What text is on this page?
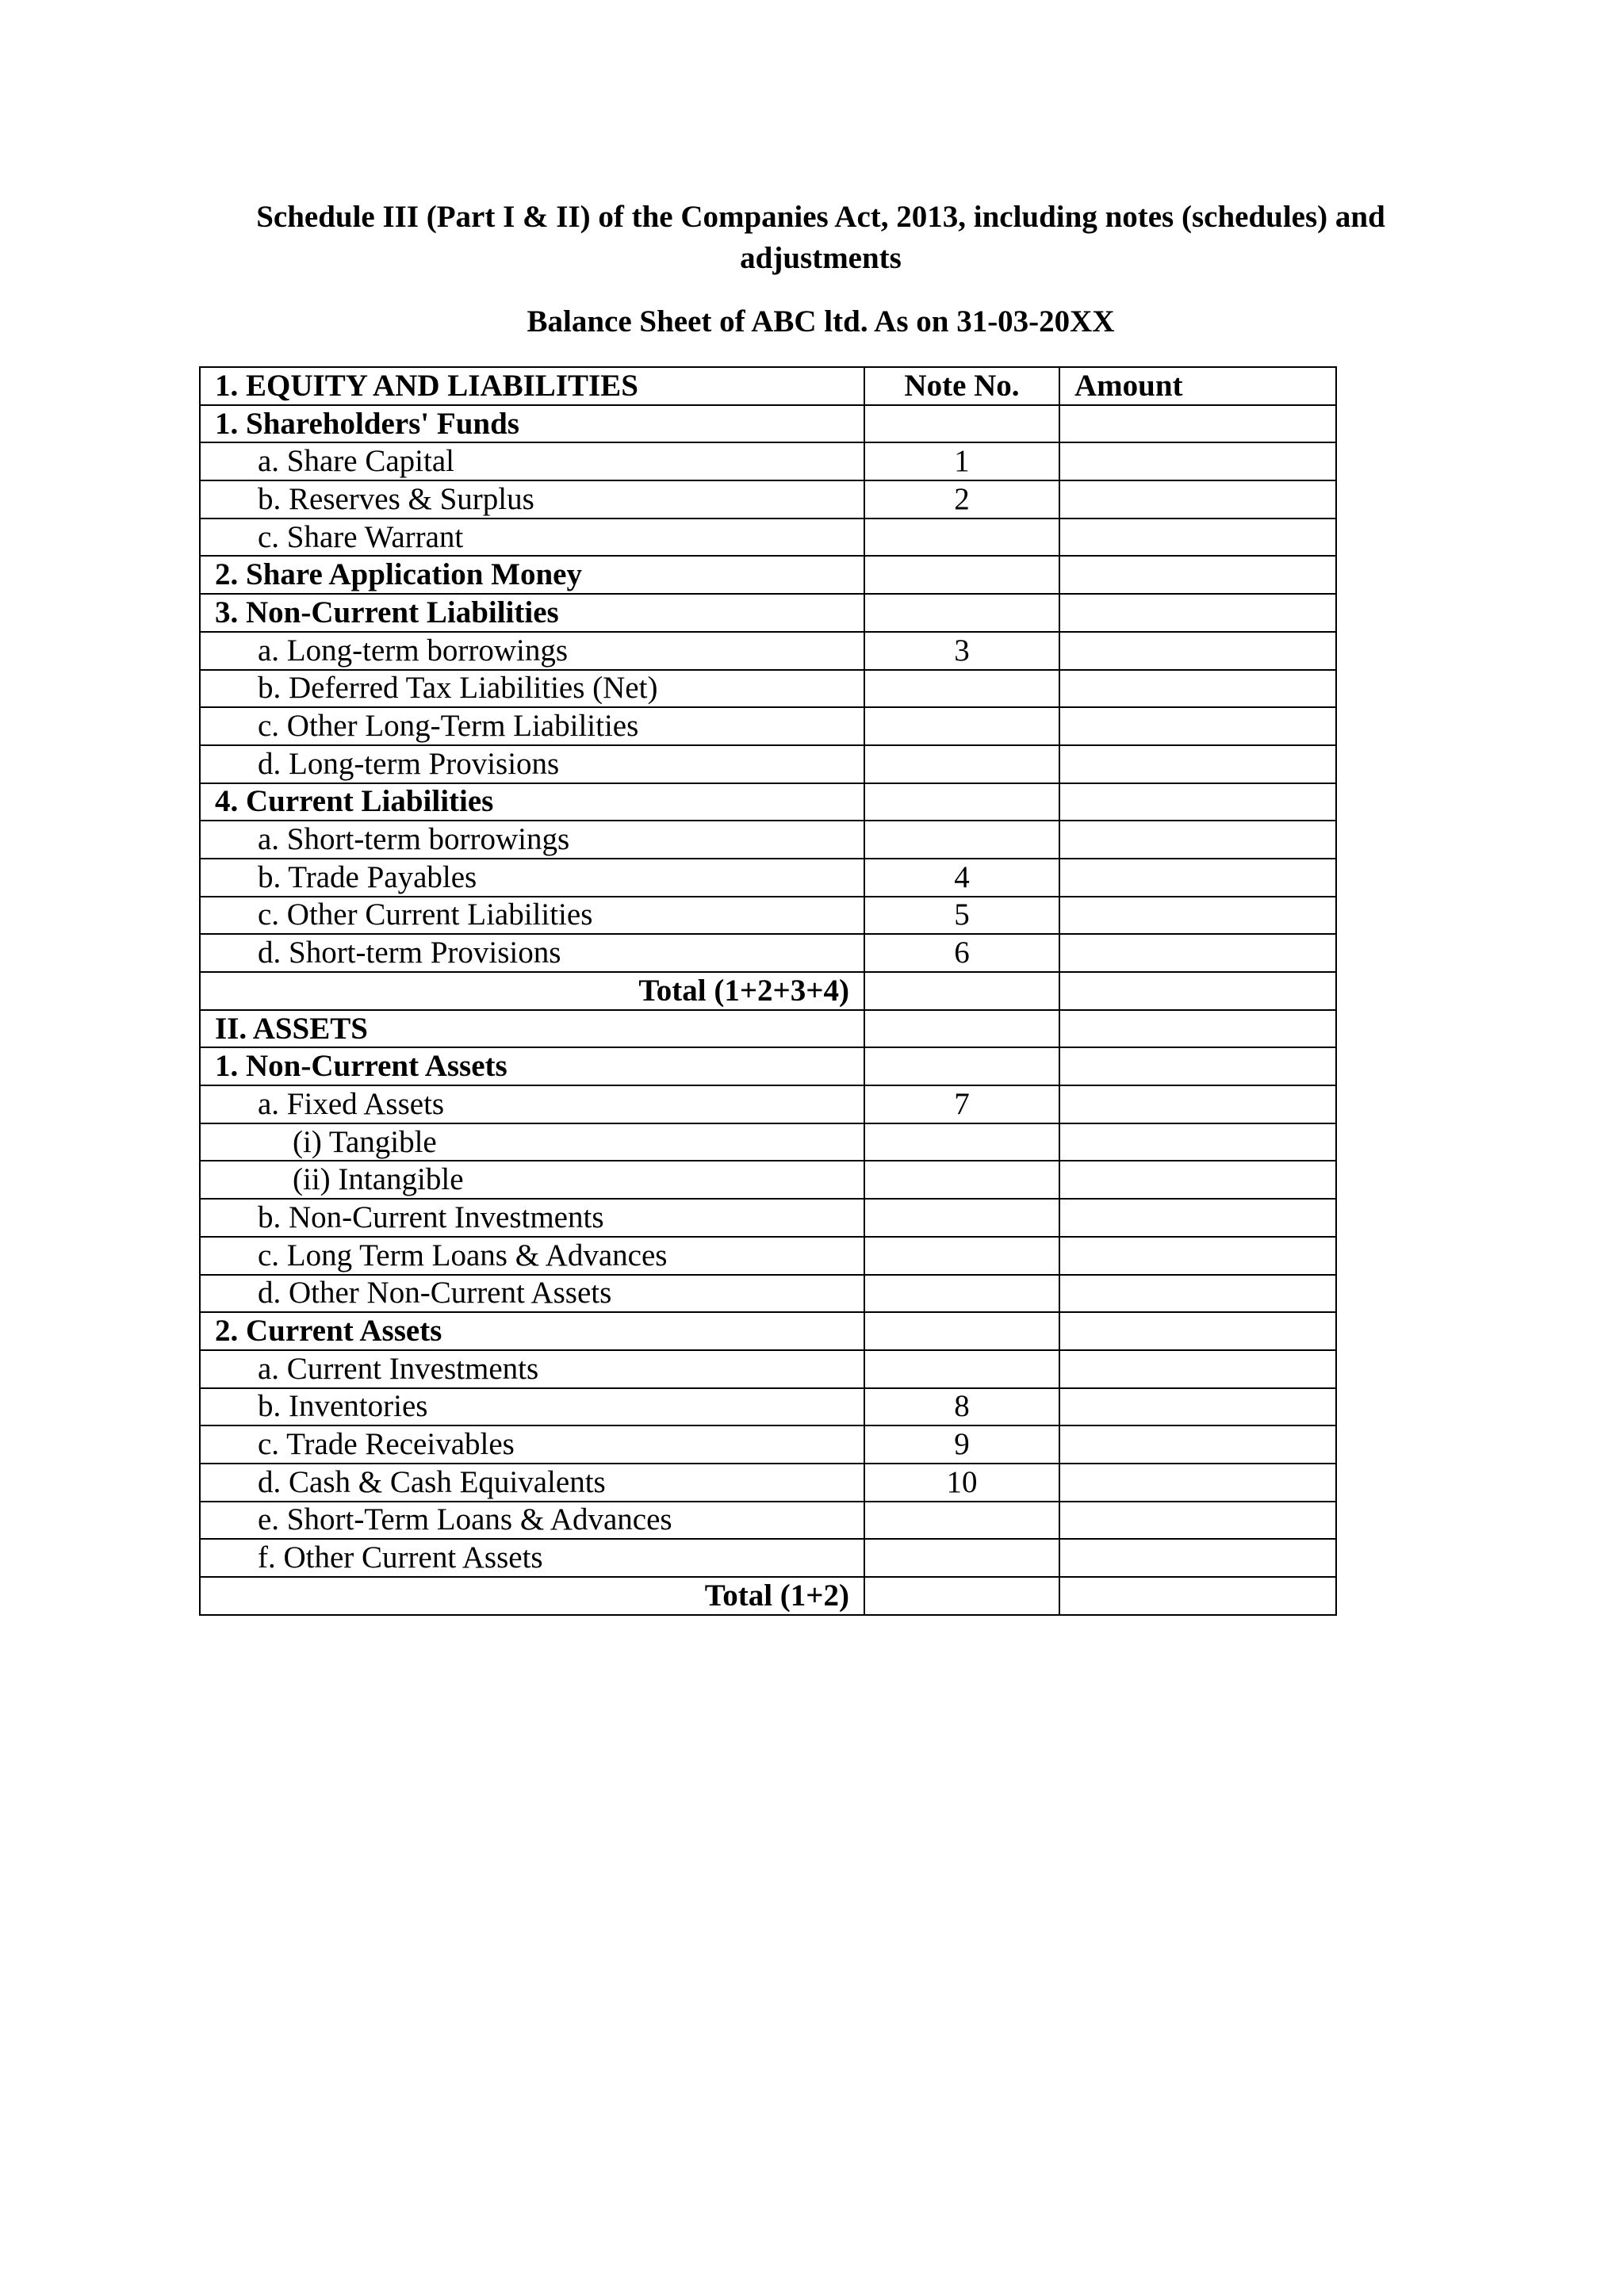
Schedule III (Part I & II) of the Companies Act, 2013, including notes (schedules) and adjustments
Balance Sheet of ABC ltd. As on 31-03-20XX
1. EQUITY AND LIABILITIES	Note No.	Amount
1. Shareholders' Funds		
a. Share Capital	1	
b. Reserves & Surplus	2	
c. Share Warrant		
2. Share Application Money		
3. Non-Current Liabilities		
a. Long-term borrowings	3	
b. Deferred Tax Liabilities (Net)		
c. Other Long-Term Liabilities		
d. Long-term Provisions		
4. Current Liabilities		
a. Short-term borrowings		
b. Trade Payables	4	
c. Other Current Liabilities	5	
d. Short-term Provisions	6	
Total (1+2+3+4)		
II. ASSETS		
1. Non-Current Assets		
a. Fixed Assets	7	
(i) Tangible		
(ii) Intangible		
b. Non-Current Investments		
c. Long Term Loans & Advances		
d. Other Non-Current Assets		
2. Current Assets		
a. Current Investments		
b. Inventories	8	
c. Trade Receivables	9	
d. Cash & Cash Equivalents	10	
e. Short-Term Loans & Advances		
f. Other Current Assets		
Total (1+2)		
